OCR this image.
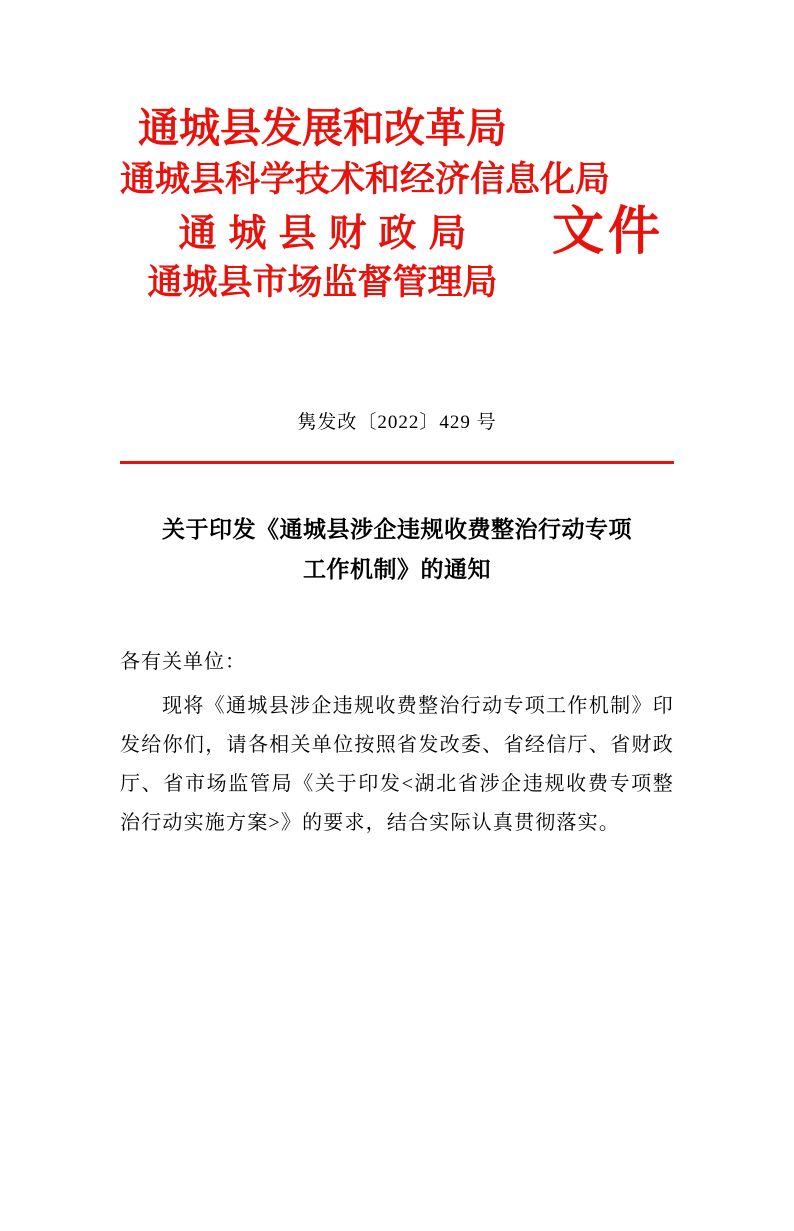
通城县发展和改革局
通城县科学技术和经济信息化局
通城县财政局
通城县市场监督管理局
文件
隽发改〔2022〕429 号
关于印发《通城县涉企违规收费整治行动专项
工作机制》的通知
各有关单位：
现将《通城县涉企违规收费整治行动专项工作机制》印发给你们，请各相关单位按照省发改委、省经信厅、省财政厅、省市场监管局《关于印发<湖北省涉企违规收费专项整治行动实施方案>》的要求，结合实际认真贯彻落实。
